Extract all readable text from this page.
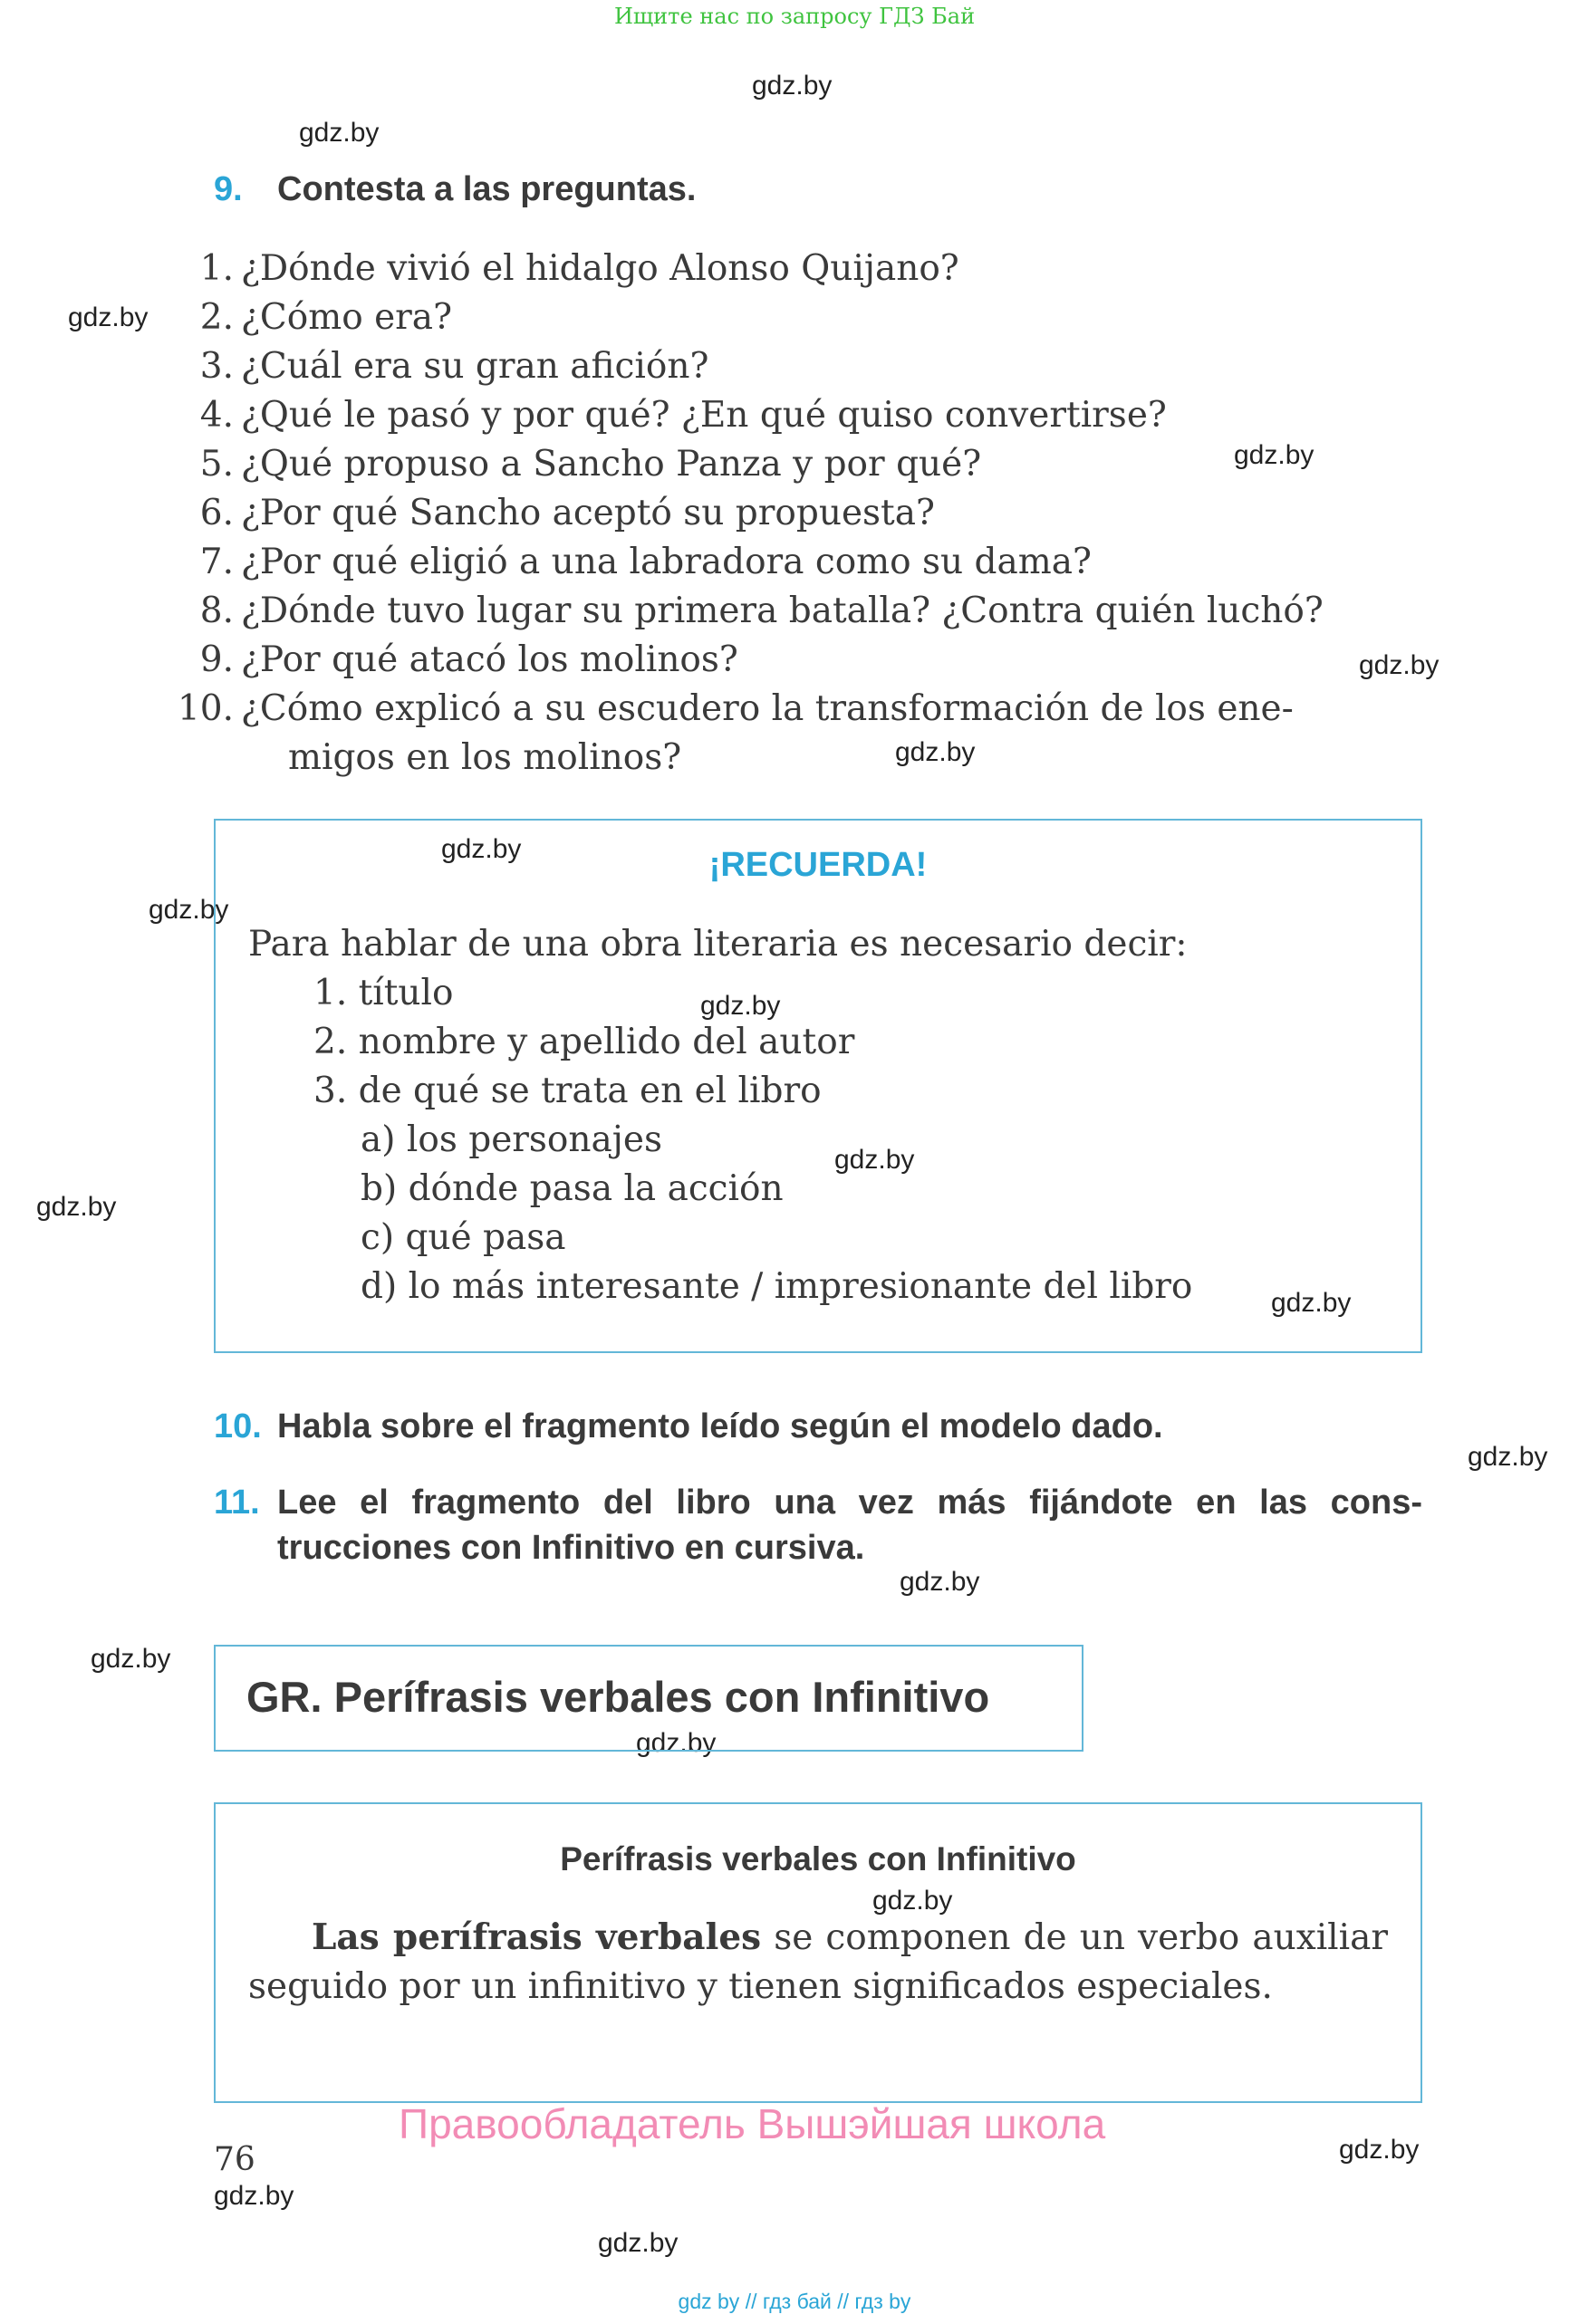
Ищите нас по запросу ГДЗ Бай
gdz.by
gdz.by
gdz.by
gdz.by
gdz.by
gdz.by
gdz.by
gdz.by
gdz.by
gdz.by
gdz.by
gdz.by
gdz.by
gdz.by
gdz.by
gdz.by
gdz.by
gdz.by
gdz.by
gdz.by
9. Contesta a las preguntas.
1. ¿Dónde vivió el hidalgo Alonso Quijano?
2. ¿Cómo era?
3. ¿Cuál era su gran afición?
4. ¿Qué le pasó y por qué? ¿En qué quiso convertirse?
5. ¿Qué propuso a Sancho Panza y por qué?
6. ¿Por qué Sancho aceptó su propuesta?
7. ¿Por qué eligió a una labradora como su dama?
8. ¿Dónde tuvo lugar su primera batalla? ¿Contra quién luchó?
9. ¿Por qué atacó los molinos?
10. ¿Cómo explicó a su escudero la transformación de los ene-
migos en los molinos?
¡RECUERDA!
Para hablar de una obra literaria es necesario decir:
1. título
2. nombre y apellido del autor
3. de qué se trata en el libro
a) los personajes
b) dónde pasa la acción
c) qué pasa
d) lo más interesante / impresionante del libro
10. Habla sobre el fragmento leído según el modelo dado.
11. Lee el fragmento del libro una vez más fijándote en las cons-
trucciones con Infinitivo en cursiva.
GR. Perífrasis verbales con Infinitivo
Perífrasis verbales con Infinitivo
Las perífrasis verbales se componen de un verbo auxiliar seguido por un infinitivo y tienen significados especiales.
Правообладатель Вышэйшая школа
76
gdz by // гдз бай // гдз by
